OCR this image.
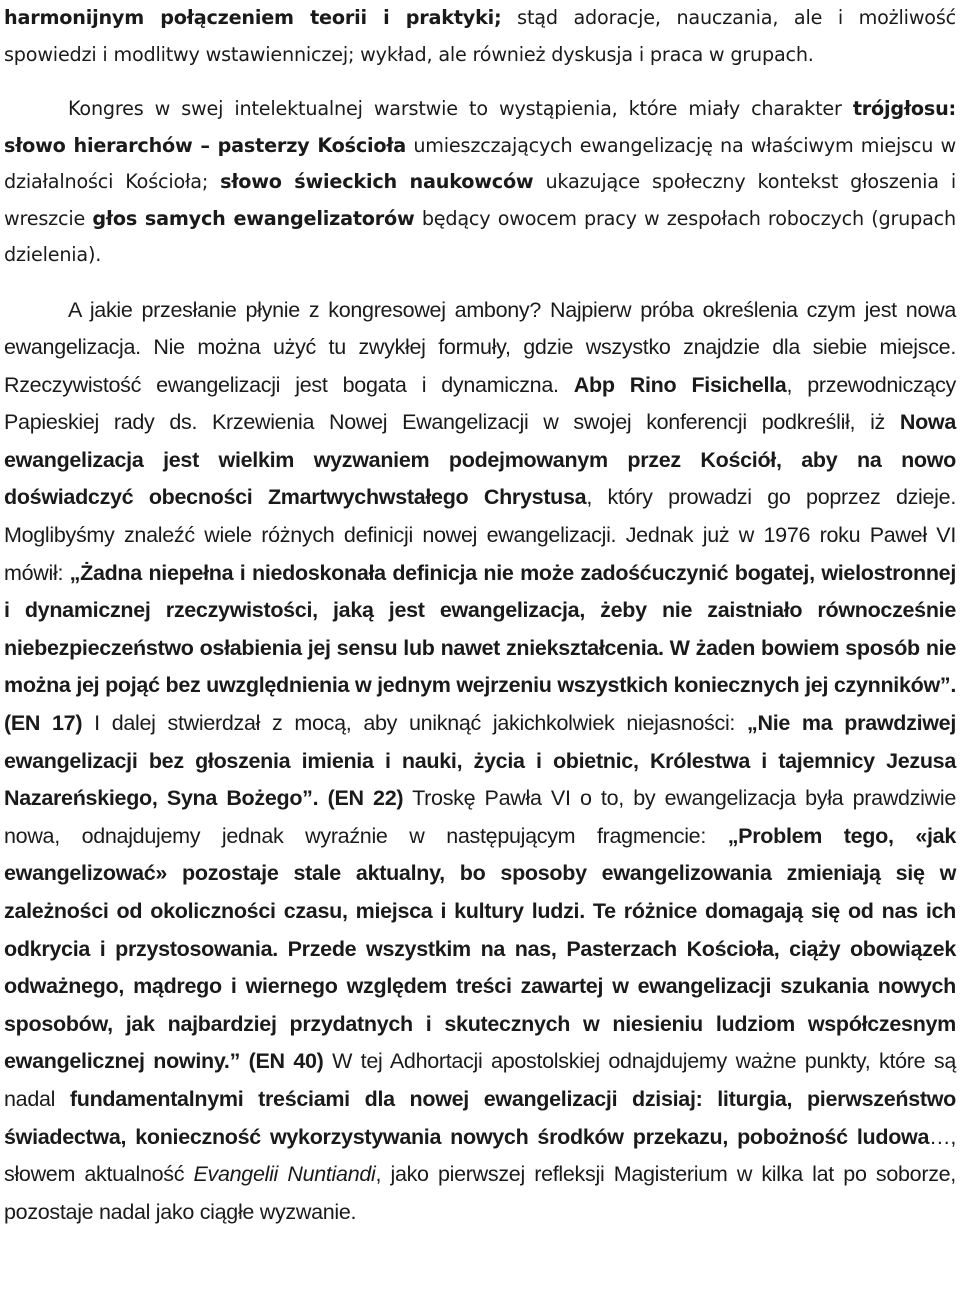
harmonijnym połączeniem teorii i praktyki; stąd adoracje, nauczania, ale i możliwość spowiedzi i modlitwy wstawienniczej; wykład, ale również dyskusja i praca w grupach.

Kongres w swej intelektualnej warstwie to wystąpienia, które miały charakter trójgłosu: słowo hierarchów – pasterzy Kościoła umieszczających ewangelizację na właściwym miejscu w działalności Kościoła; słowo świeckich naukowców ukazujące społeczny kontekst głoszenia i wreszcie głos samych ewangelizatorów będący owocem pracy w zespołach roboczych (grupach dzielenia).

A jakie przesłanie płynie z kongresowej ambony? Najpierw próba określenia czym jest nowa ewangelizacja. Nie można użyć tu zwykłej formuły, gdzie wszystko znajdzie dla siebie miejsce. Rzeczywistość ewangelizacji jest bogata i dynamiczna. Abp Rino Fisichella, przewodniczący Papieskiej rady ds. Krzewienia Nowej Ewangelizacji w swojej konferencji podkreślił, iż Nowa ewangelizacja jest wielkim wyzwaniem podejmowanym przez Kościół, aby na nowo doświadczyć obecności Zmartwychwstałego Chrystusa, który prowadzi go poprzez dzieje. Moglibyśmy znaleźć wiele różnych definicji nowej ewangelizacji. Jednak już w 1976 roku Paweł VI mówił: „Żadna niepełna i niedoskonała definicja nie może zadośćuczynić bogatej, wielostronnej i dynamicznej rzeczywistości, jaką jest ewangelizacja, żeby nie zaistniało równocześnie niebezpieczeństwo osłabienia jej sensu lub nawet zniekształcenia. W żaden bowiem sposób nie można jej pojąć bez uwzględnienia w jednym wejrzeniu wszystkich koniecznych jej czynników”. (EN 17) I dalej stwierdzał z mocą, aby uniknąć jakichkolwiek niejasności: „Nie ma prawdziwej ewangelizacji bez głoszenia imienia i nauki, życia i obietnic, Królestwa i tajemnicy Jezusa Nazareńskiego, Syna Bożego”. (EN 22) Troskę Pawła VI o to, by ewangelizacja była prawdziwie nowa, odnajdujemy jednak wyraźnie w następującym fragmencie: „Problem tego, «jak ewangelizować» pozostaje stale aktualny, bo sposoby ewangelizowania zmieniają się w zależności od okoliczności czasu, miejsca i kultury ludzi. Te różnice domagają się od nas ich odkrycia i przystosowania. Przede wszystkim na nas, Pasterzach Kościoła, ciąży obowiązek odważnego, mądrego i wiernego względem treści zawartej w ewangelizacji szukania nowych sposobów, jak najbardziej przydatnych i skutecznych w niesieniu ludziom współczesnym ewangelicznej nowiny.” (EN 40) W tej Adhortacji apostolskiej odnajdujemy ważne punkty, które są nadal fundamentalnymi treściami dla nowej ewangelizacji dzisiaj: liturgia, pierwszeństwo świadectwa, konieczność wykorzystywania nowych środków przekazu, pobożność ludowa…, słowem aktualność Evangelii Nuntiandi, jako pierwszej refleksji Magisterium w kilka lat po soborze, pozostaje nadal jako ciągłe wyzwanie.
